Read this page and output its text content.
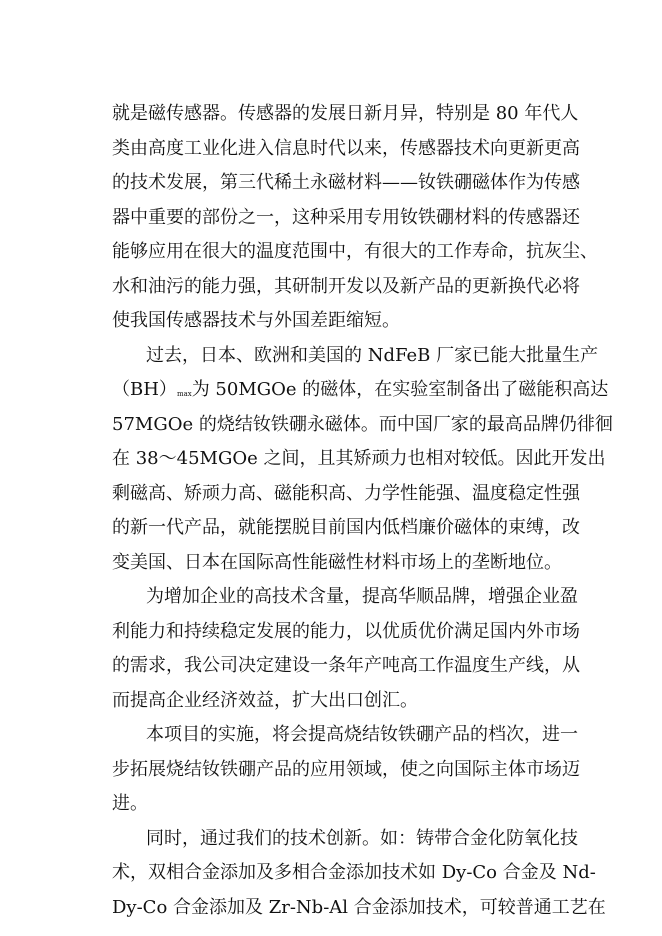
就是磁传感器。传感器的发展日新月异，特别是 80 年代人
类由高度工业化进入信息时代以来，传感器技术向更新更高
的技术发展，第三代稀土永磁材料——钕铁硼磁体作为传感
器中重要的部份之一，这种采用专用钕铁硼材料的传感器还
能够应用在很大的温度范围中，有很大的工作寿命，抗灰尘、
水和油污的能力强，其研制开发以及新产品的更新换代必将
使我国传感器技术与外国差距缩短。
过去，日本、欧洲和美国的 NdFeB 厂家已能大批量生产
（BH）max为 50MGOe 的磁体，在实验室制备出了磁能积高达
57MGOe 的烧结钕铁硼永磁体。而中国厂家的最高品牌仍徘徊
在 38～45MGOe 之间，且其矫顽力也相对较低。因此开发出
剩磁高、矫顽力高、磁能积高、力学性能强、温度稳定性强
的新一代产品，就能摆脱目前国内低档廉价磁体的束缚，改
变美国、日本在国际高性能磁性材料市场上的垄断地位。
为增加企业的高技术含量，提高华顺品牌，增强企业盈
利能力和持续稳定发展的能力，以优质优价满足国内外市场
的需求，我公司决定建设一条年产吨高工作温度生产线，从
而提高企业经济效益，扩大出口创汇。
本项目的实施，将会提高烧结钕铁硼产品的档次，进一
步拓展烧结钕铁硼产品的应用领域，使之向国际主体市场迈
进。
同时，通过我们的技术创新。如：铸带合金化防氧化技
术，双相合金添加及多相合金添加技术如 Dy-Co 合金及 Nd-
Dy-Co 合金添加及 Zr-Nb-Al 合金添加技术，可较普通工艺在
